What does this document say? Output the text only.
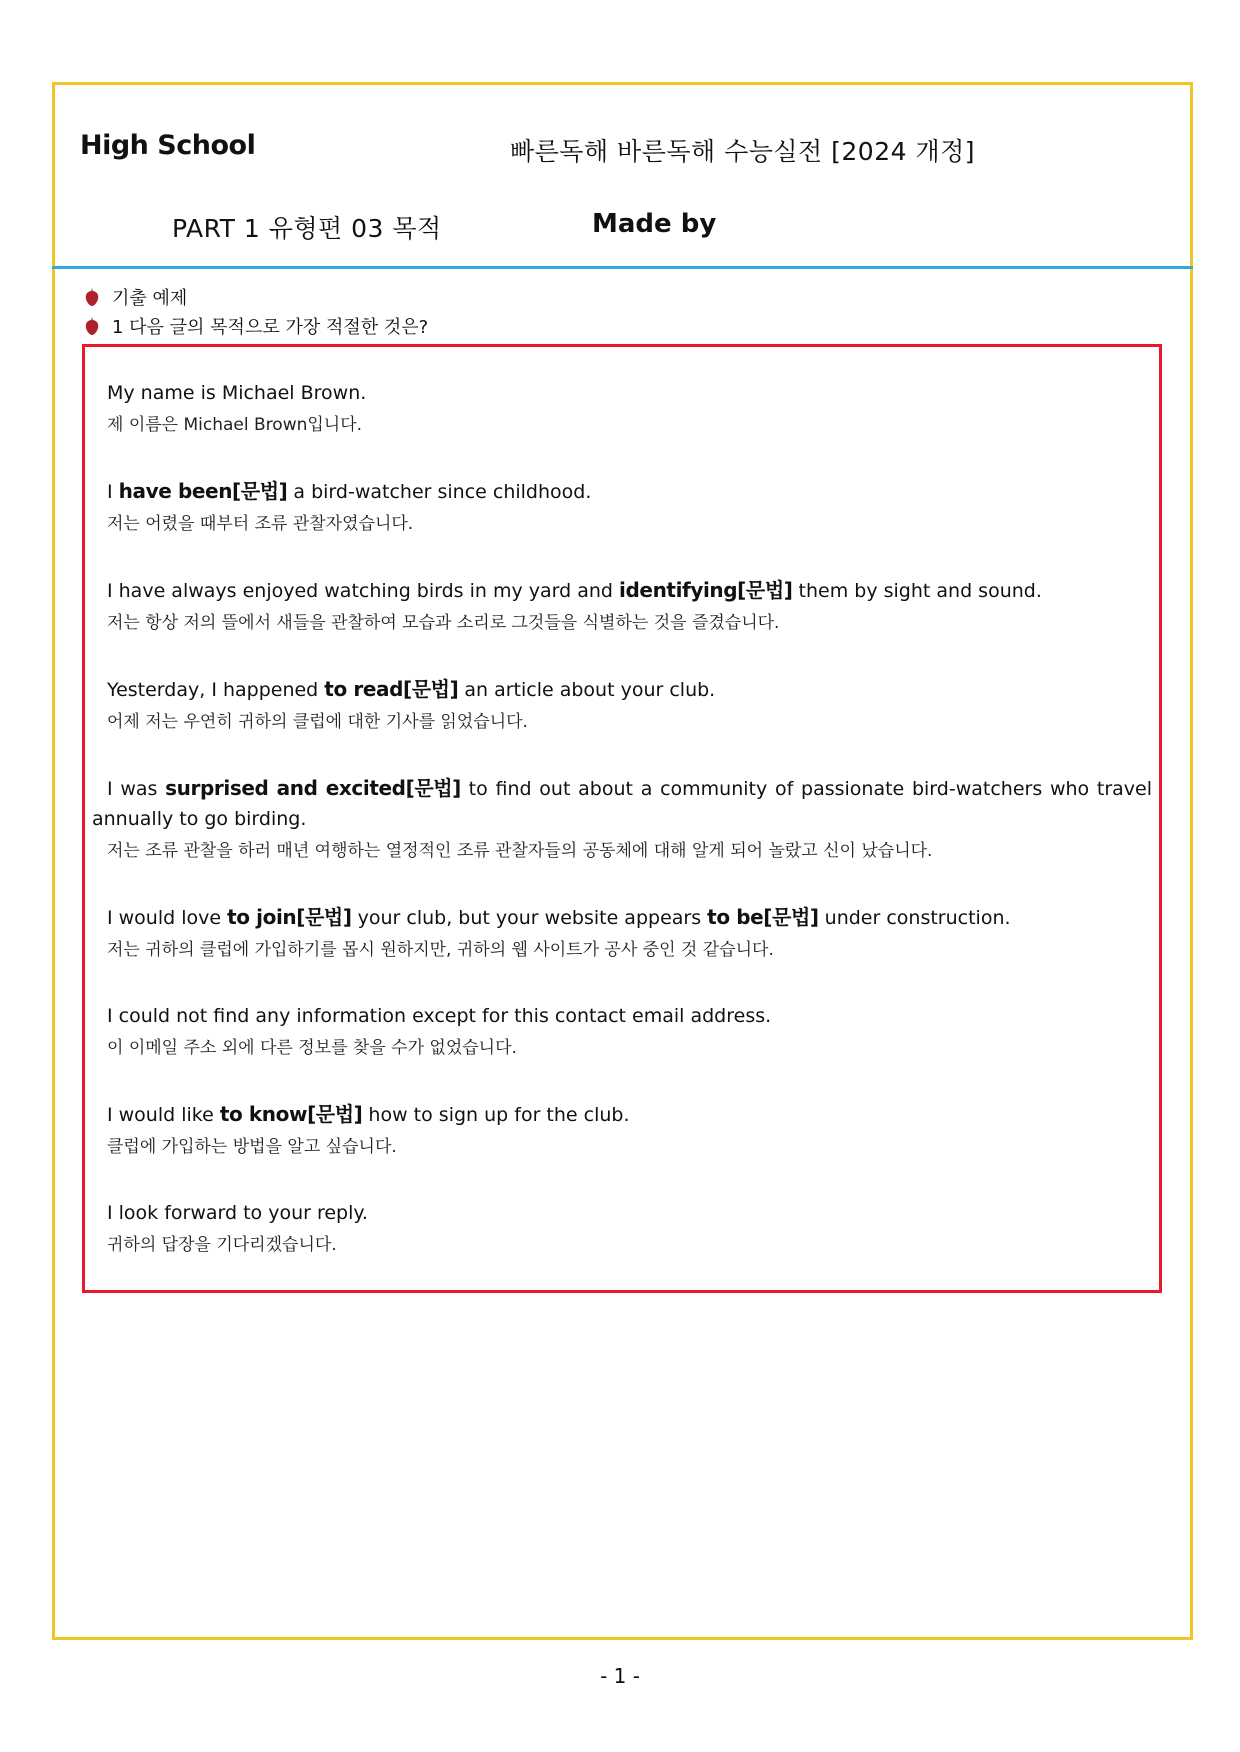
High School	빠른독해 바른독해 수능실전 [2024 개정]
PART 1 유형편 03 목적	Made by
기출 예제
1 다음 글의 목적으로 가장 적절한 것은?
My name is Michael Brown.
제 이름은 Michael Brown입니다.
I have been[문법] a bird-watcher since childhood.
저는 어렸을 때부터 조류 관찰자였습니다.
I have always enjoyed watching birds in my yard and identifying[문법] them by sight and sound.
저는 항상 저의 뜰에서 새들을 관찰하여 모습과 소리로 그것들을 식별하는 것을 즐겼습니다.
Yesterday, I happened to read[문법] an article about your club.
어제 저는 우연히 귀하의 클럽에 대한 기사를 읽었습니다.
I was surprised and excited[문법] to find out about a community of passionate bird-watchers who travel annually to go birding.
저는 조류 관찰을 하러 매년 여행하는 열정적인 조류 관찰자들의 공동체에 대해 알게 되어 놀랐고 신이 났습니다.
I would love to join[문법] your club, but your website appears to be[문법] under construction.
저는 귀하의 클럽에 가입하기를 몹시 원하지만, 귀하의 웹 사이트가 공사 중인 것 같습니다.
I could not find any information except for this contact email address.
이 이메일 주소 외에 다른 정보를 찾을 수가 없었습니다.
I would like to know[문법] how to sign up for the club.
클럽에 가입하는 방법을 알고 싶습니다.
I look forward to your reply.
귀하의 답장을 기다리겠습니다.
- 1 -
